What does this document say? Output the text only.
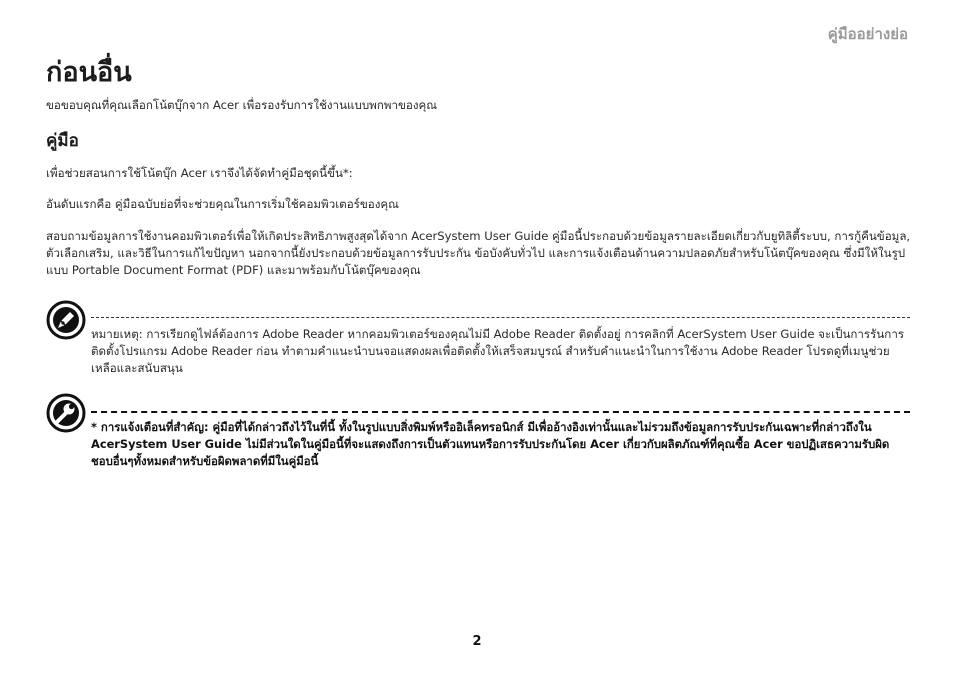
คู่มืออย่างย่อ
ก่อนอื่น

ขอขอบคุณที่คุณเลือกโน้ตบุ๊กจาก Acer เพื่อรองรับการใช้งานแบบพกพาของคุณ

คู่มือ

เพื่อช่วยสอนการใช้โน้ตบุ๊ก Acer เราจึงได้จัดทำคู่มือชุดนี้ขึ้น*:

อันดับแรกคือ คู่มือฉบับย่อที่จะช่วยคุณในการเริ่มใช้คอมพิวเตอร์ของคุณ

สอบถามข้อมูลการใช้งานคอมพิวเตอร์เพื่อให้เกิดประสิทธิภาพสูงสุดได้จาก AcerSystem User Guide คู่มือนี้ประกอบด้วยข้อมูลรายละเอียดเกี่ยวกับยูทิลิตี้ระบบ, การกู้คืนข้อมูล, ตัวเลือกเสริม, และวิธีในการแก้ไขปัญหา นอกจากนี้ยังประกอบด้วยข้อมูลการรับประกัน ข้อบังคับทั่วไป และการแจ้งเตือนด้านความปลอดภัยสำหรับโน้ตบุ๊คของคุณ ซึ่งมีให้ในรูปแบบ Portable Document Format (PDF) และมาพร้อมกับโน้ตบุ๊คของคุณ

หมายเหตุ: การเรียกดูไฟล์ต้องการ Adobe Reader หากคอมพิวเตอร์ของคุณไม่มี Adobe Reader ติดตั้งอยู่ การคลิกที่ AcerSystem User Guide จะเป็นการรันการติดตั้งโปรแกรม Adobe Reader ก่อน ทำตามคำแนะนำบนจอแสดงผลเพื่อติดตั้งให้เสร็จสมบูรณ์ สำหรับคำแนะนำในการใช้งาน Adobe Reader โปรดดูที่เมนูช่วยเหลือและสนับสนุน

* การแจ้งเตือนที่สำคัญ: คู่มือที่ได้กล่าวถึงไว้ในที่นี้ ทั้งในรูปแบบสิ่งพิมพ์หรืออิเล็คทรอนิกส์ มีเพื่ออ้างอิงเท่านั้นและไม่รวมถึงข้อมูลการรับประกันเฉพาะที่กล่าวถึงใน AcerSystem User Guide ไม่มีส่วนใดในคู่มือนี้ที่จะแสดงถึงการเป็นตัวแทนหรือการรับประกันโดย Acer เกี่ยวกับผลิตภัณฑ์ที่คุณซื้อ Acer ขอปฏิเสธความรับผิดชอบอื่นๆทั้งหมดสำหรับข้อผิดพลาดที่มีในคู่มือนี้

2
